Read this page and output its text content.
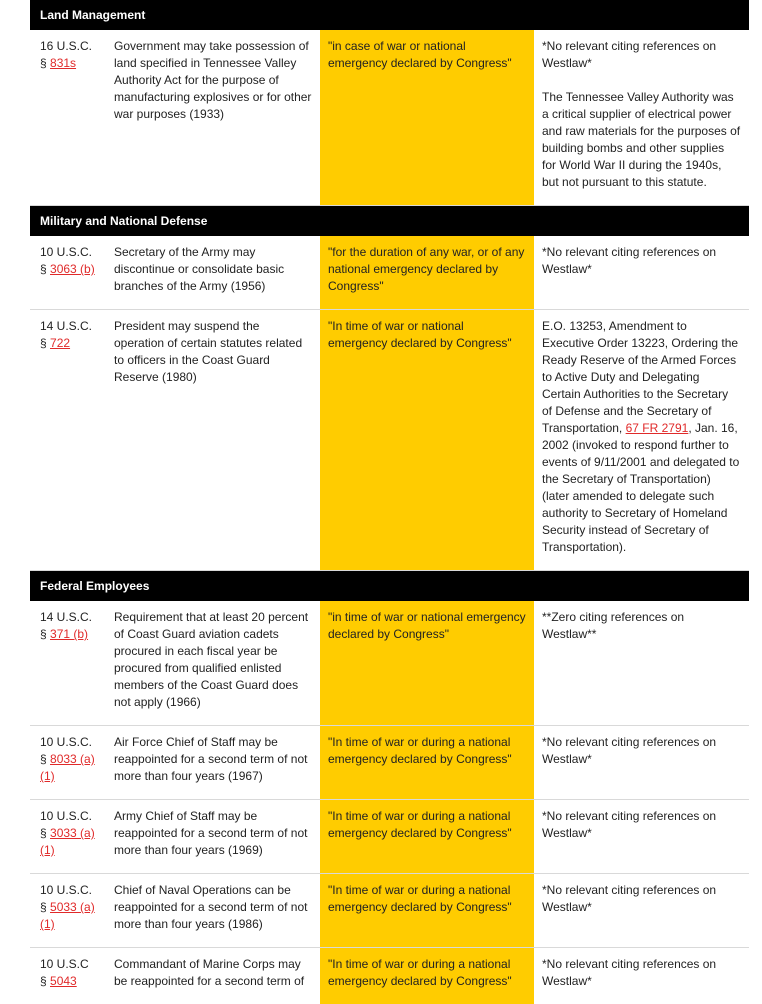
Land Management
16 U.S.C.
§ 831s
Government may take possession of land specified in Tennessee Valley Authority Act for the purpose of manufacturing explosives or for other war purposes (1933)
"in case of war or national emergency declared by Congress"

*No relevant citing references on Westlaw*

The Tennessee Valley Authority was a critical supplier of electrical power and raw materials for the purposes of building bombs and other supplies for World War II during the 1940s, but not pursuant to this statute.

Military and National Defense
10 U.S.C.
§ 3063 (b)
Secretary of the Army may discontinue or consolidate basic branches of the Army (1956)
"for the duration of any war, or of any national emergency declared by Congress"

*No relevant citing references on Westlaw*

14 U.S.C.
§ 722
President may suspend the operation of certain statutes related to officers in the Coast Guard Reserve (1980)
"In time of war or national emergency declared by Congress"

E.O. 13253, Amendment to Executive Order 13223, Ordering the Ready Reserve of the Armed Forces to Active Duty and Delegating Certain Authorities to the Secretary of Defense and the Secretary of Transportation, 67 FR 2791, Jan. 16, 2002 (invoked to respond further to events of 9/11/2001 and delegated to the Secretary of Transportation) (later amended to delegate such authority to Secretary of Homeland Security instead of Secretary of Transportation).

Federal Employees
14 U.S.C.
§ 371 (b)
Requirement that at least 20 percent of Coast Guard aviation cadets procured in each fiscal year be procured from qualified enlisted members of the Coast Guard does not apply (1966)
"in time of war or national emergency declared by Congress"

**Zero citing references on Westlaw**

10 U.S.C.
§ 8033 (a)(1)
Air Force Chief of Staff may be reappointed for a second term of not more than four years (1967)
"In time of war or during a national emergency declared by Congress"

*No relevant citing references on Westlaw*

10 U.S.C.
§ 3033 (a)(1)
Army Chief of Staff may be reappointed for a second term of not more than four years (1969)
"In time of war or during a national emergency declared by Congress"

*No relevant citing references on Westlaw*

10 U.S.C.
§ 5033 (a)(1)
Chief of Naval Operations can be reappointed for a second term of not more than four years (1986)
"In time of war or during a national emergency declared by Congress"

*No relevant citing references on Westlaw*

10 U.S.C
§ 5043
Commandant of Marine Corps may be reappointed for a second term of
"In time of war or during a national emergency declared by Congress"

*No relevant citing references on Westlaw*
